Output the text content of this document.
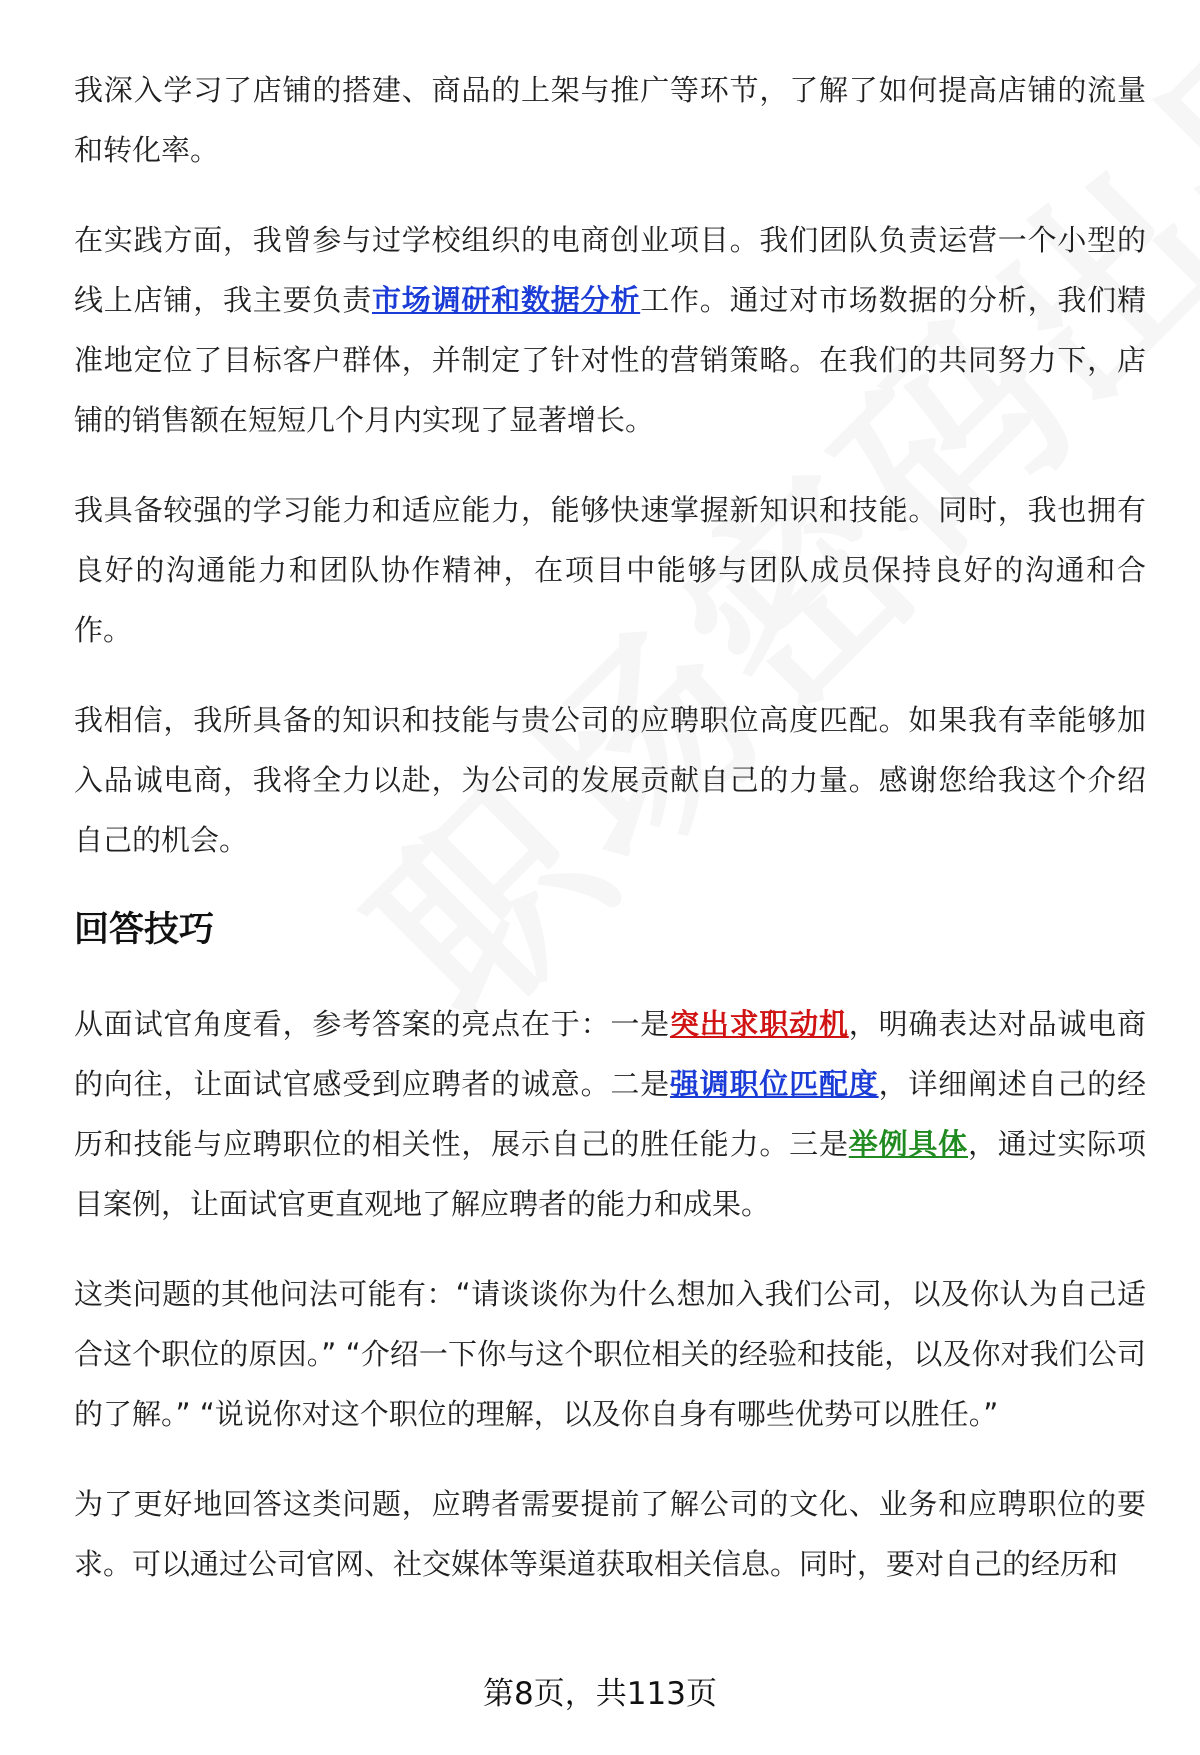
我深入学习了店铺的搭建、商品的上架与推广等环节，了解了如何提高店铺的流量和转化率。

在实践方面，我曾参与过学校组织的电商创业项目。我们团队负责运营一个小型的线上店铺，我主要负责市场调研和数据分析工作。通过对市场数据的分析，我们精准地定位了目标客户群体，并制定了针对性的营销策略。在我们的共同努力下，店铺的销售额在短短几个月内实现了显著增长。

我具备较强的学习能力和适应能力，能够快速掌握新知识和技能。同时，我也拥有良好的沟通能力和团队协作精神，在项目中能够与团队成员保持良好的沟通和合作。

我相信，我所具备的知识和技能与贵公司的应聘职位高度匹配。如果我有幸能够加入品诚电商，我将全力以赴，为公司的发展贡献自己的力量。感谢您给我这个介绍自己的机会。

回答技巧

从面试官角度看，参考答案的亮点在于：一是突出求职动机，明确表达对品诚电商的向往，让面试官感受到应聘者的诚意。二是强调职位匹配度，详细阐述自己的经历和技能与应聘职位的相关性，展示自己的胜任能力。三是举例具体，通过实际项目案例，让面试官更直观地了解应聘者的能力和成果。

这类问题的其他问法可能有：“请谈谈你为什么想加入我们公司，以及你认为自己适合这个职位的原因。” “介绍一下你与这个职位相关的经验和技能，以及你对我们公司的了解。” “说说你对这个职位的理解，以及你自身有哪些优势可以胜任。”

为了更好地回答这类问题，应聘者需要提前了解公司的文化、业务和应聘职位的要求。可以通过公司官网、社交媒体等渠道获取相关信息。同时，要对自己的经历和

第8页，共113页
